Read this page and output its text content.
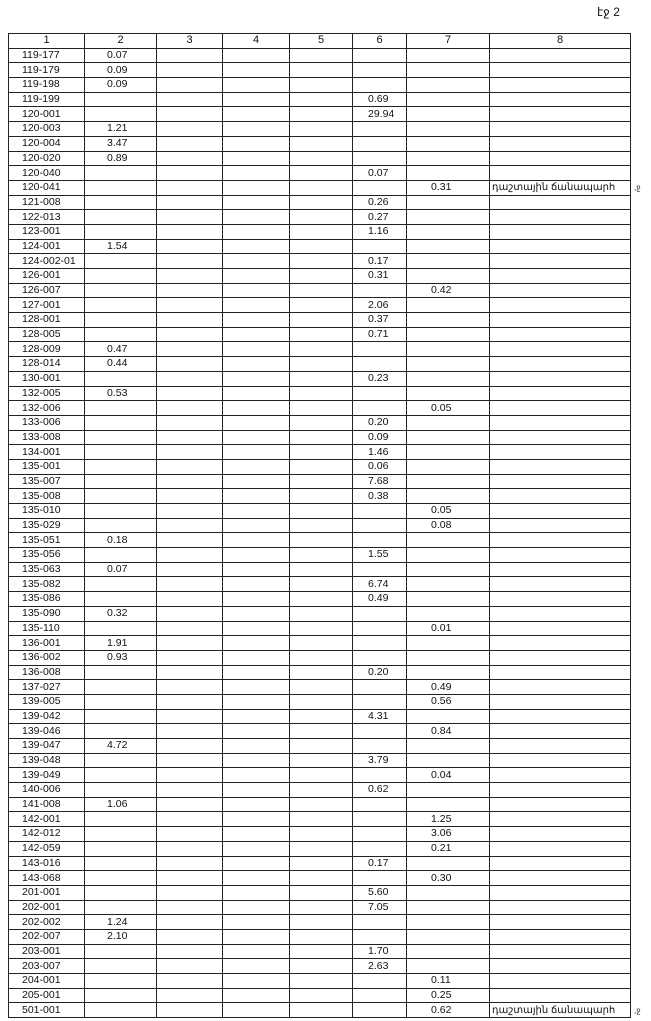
էջ 2
1	2	3	4	5	6	7	8
119-177	0.07						
119-179	0.09						
119-198	0.09						
119-199					0.69		
120-001					29.94		
120-003	1.21						
120-004	3.47						
120-020	0.89						
120-040					0.07		
120-041						0.31	դաշտային ճանապարհ
121-008					0.26		
122-013					0.27		
123-001					1.16		
124-001	1.54						
124-002-01					0.17		
126-001					0.31		
126-007						0.42	
127-001					2.06		
128-001					0.37		
128-005					0.71		
128-009	0.47						
128-014	0.44						
130-001					0.23		
132-005	0.53						
132-006						0.05	
133-006					0.20		
133-008					0.09		
134-001					1.46		
135-001					0.06		
135-007					7.68		
135-008					0.38		
135-010						0.05	
135-029						0.08	
135-051	0.18						
135-056					1.55		
135-063	0.07						
135-082					6.74		
135-086					0.49		
135-090	0.32						
135-110						0.01	
136-001	1.91						
136-002	0.93						
136-008					0.20		
137-027						0.49	
139-005						0.56	
139-042					4.31		
139-046						0.84	
139-047	4.72						
139-048					3.79		
139-049						0.04	
140-006					0.62		
141-008	1.06						
142-001						1.25	
142-012						3.06	
142-059						0.21	
143-016					0.17		
143-068						0.30	
201-001					5.60		
202-001					7.05		
202-002	1.24						
202-007	2.10						
203-001					1.70		
203-007					2.63		
204-001						0.11	
205-001						0.25	
501-001						0.62	դաշտային ճանապարհ
,ջ
,ջ
